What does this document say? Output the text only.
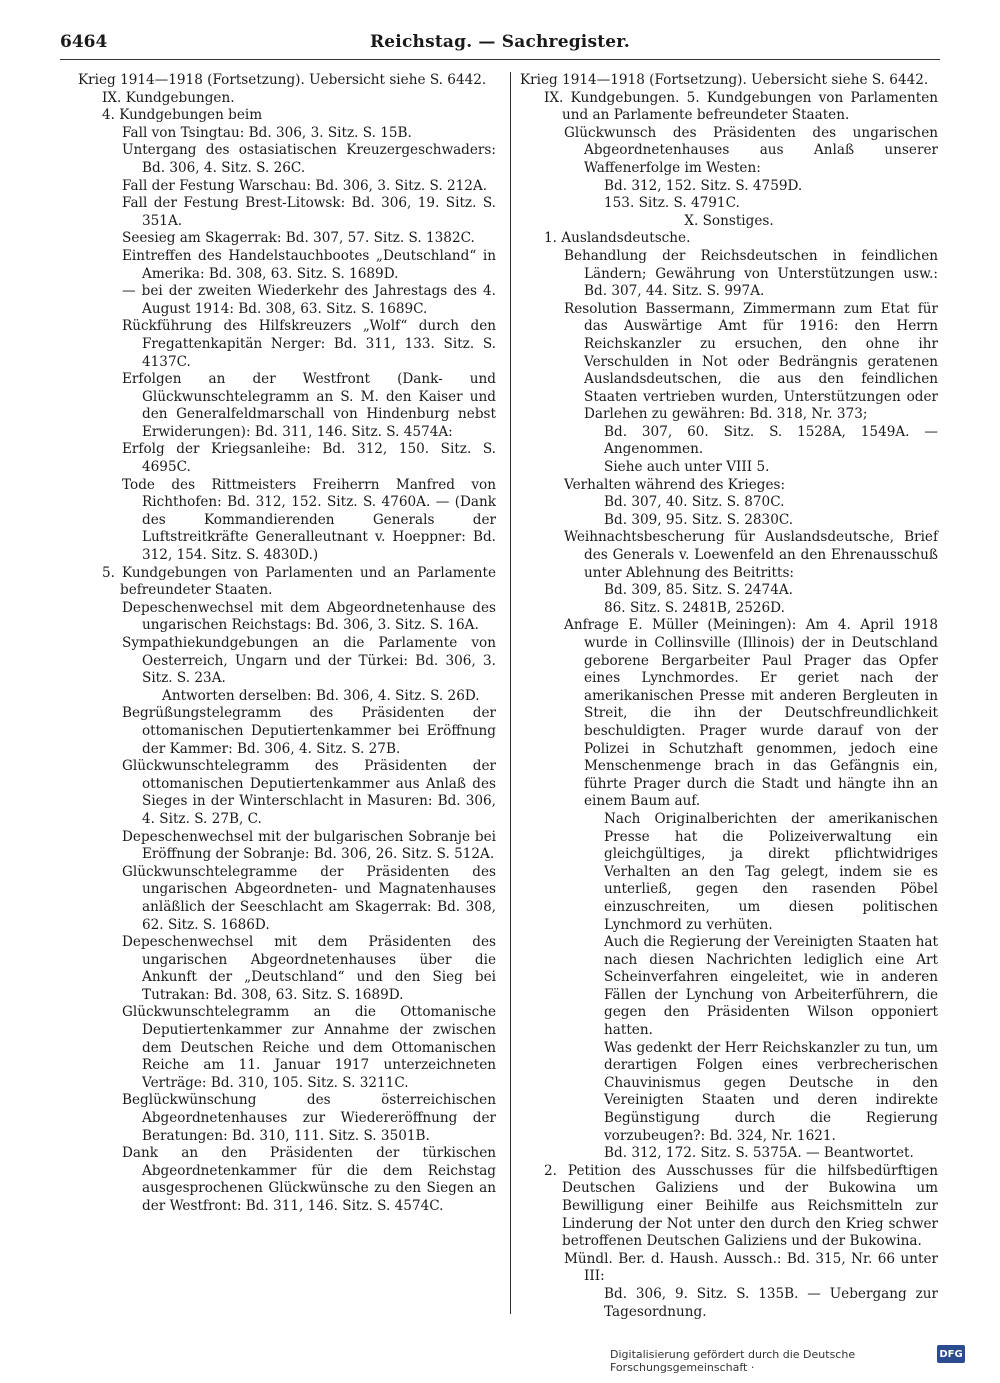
6464	Reichstag. — Sachregister.

Krieg 1914—1918 (Fortsetzung). Uebersicht siehe S. 6442.

IX. Kundgebungen.

4. Kundgebungen beim

Fall von Tsingtau: Bd. 306, 3. Sitz. S. 15B.

Untergang des ostasiatischen Kreuzergeschwaders: Bd. 306, 4. Sitz. S. 26C.

Fall der Festung Warschau: Bd. 306, 3. Sitz. S. 212A.

Fall der Festung Brest-Litowsk: Bd. 306, 19. Sitz. S. 351A.

Seesieg am Skagerrak: Bd. 307, 57. Sitz. S. 1382C.

Eintreffen des Handelstauchbootes „Deutschland“ in Amerika: Bd. 308, 63. Sitz. S. 1689D.

— bei der zweiten Wiederkehr des Jahrestags des 4. August 1914: Bd. 308, 63. Sitz. S. 1689C.

Rückführung des Hilfskreuzers „Wolf“ durch den Fregattenkapitän Nerger: Bd. 311, 133. Sitz. S. 4137C.

Erfolgen an der Westfront (Dank- und Glückwunschtelegramm an S. M. den Kaiser und den Generalfeldmarschall von Hindenburg nebst Erwiderungen): Bd. 311, 146. Sitz. S. 4574A:

Erfolg der Kriegsanleihe: Bd. 312, 150. Sitz. S. 4695C.

Tode des Rittmeisters Freiherrn Manfred von Richthofen: Bd. 312, 152. Sitz. S. 4760A. — (Dank des Kommandierenden Generals der Luftstreitkräfte Generalleutnant v. Hoeppner: Bd. 312, 154. Sitz. S. 4830D.)

5. Kundgebungen von Parlamenten und an Parlamente befreundeter Staaten.

Depeschenwechsel mit dem Abgeordnetenhause des ungarischen Reichstags: Bd. 306, 3. Sitz. S. 16A.

Sympathiekundgebungen an die Parlamente von Oesterreich, Ungarn und der Türkei: Bd. 306, 3. Sitz. S. 23A.

Antworten derselben: Bd. 306, 4. Sitz. S. 26D.

Begrüßungstelegramm des Präsidenten der ottomanischen Deputiertenkammer bei Eröffnung der Kammer: Bd. 306, 4. Sitz. S. 27B.

Glückwunschtelegramm des Präsidenten der ottomanischen Deputiertenkammer aus Anlaß des Sieges in der Winterschlacht in Masuren: Bd. 306, 4. Sitz. S. 27B, C.

Depeschenwechsel mit der bulgarischen Sobranje bei Eröffnung der Sobranje: Bd. 306, 26. Sitz. S. 512A.

Glückwunschtelegramme der Präsidenten des ungarischen Abgeordneten- und Magnatenhauses anläßlich der Seeschlacht am Skagerrak: Bd. 308, 62. Sitz. S. 1686D.

Depeschenwechsel mit dem Präsidenten des ungarischen Abgeordnetenhauses über die Ankunft der „Deutschland“ und den Sieg bei Tutrakan: Bd. 308, 63. Sitz. S. 1689D.

Glückwunschtelegramm an die Ottomanische Deputiertenkammer zur Annahme der zwischen dem Deutschen Reiche und dem Ottomanischen Reiche am 11. Januar 1917 unterzeichneten Verträge: Bd. 310, 105. Sitz. S. 3211C.

Beglückwünschung des österreichischen Abgeordnetenhauses zur Wiedereröffnung der Beratungen: Bd. 310, 111. Sitz. S. 3501B.

Dank an den Präsidenten der türkischen Abgeordnetenkammer für die dem Reichstag ausgesprochenen Glückwünsche zu den Siegen an der Westfront: Bd. 311, 146. Sitz. S. 4574C.

Krieg 1914—1918 (Fortsetzung). Uebersicht siehe S. 6442.

IX. Kundgebungen. 5. Kundgebungen von Parlamenten und an Parlamente befreundeter Staaten.

Glückwunsch des Präsidenten des ungarischen Abgeordnetenhauses aus Anlaß unserer Waffenerfolge im Westen:

Bd. 312, 152. Sitz. S. 4759D.

153. Sitz. S. 4791C.

X. Sonstiges.

1. Auslandsdeutsche.

Behandlung der Reichsdeutschen in feindlichen Ländern; Gewährung von Unterstützungen usw.: Bd. 307, 44. Sitz. S. 997A.

Resolution Bassermann, Zimmermann zum Etat für das Auswärtige Amt für 1916: den Herrn Reichskanzler zu ersuchen, den ohne ihr Verschulden in Not oder Bedrängnis geratenen Auslandsdeutschen, die aus den feindlichen Staaten vertrieben wurden, Unterstützungen oder Darlehen zu gewähren: Bd. 318, Nr. 373;

Bd. 307, 60. Sitz. S. 1528A, 1549A. — Angenommen.

Siehe auch unter VIII 5.

Verhalten während des Krieges:

Bd. 307, 40. Sitz. S. 870C.

Bd. 309, 95. Sitz. S. 2830C.

Weihnachtsbescherung für Auslandsdeutsche, Brief des Generals v. Loewenfeld an den Ehrenausschuß unter Ablehnung des Beitritts:

Bd. 309, 85. Sitz. S. 2474A.

86. Sitz. S. 2481B, 2526D.

Anfrage E. Müller (Meiningen): Am 4. April 1918 wurde in Collinsville (Illinois) der in Deutschland geborene Bergarbeiter Paul Prager das Opfer eines Lynchmordes. Er geriet nach der amerikanischen Presse mit anderen Bergleuten in Streit, die ihn der Deutschfreundlichkeit beschuldigten. Prager wurde darauf von der Polizei in Schutzhaft genommen, jedoch eine Menschenmenge brach in das Gefängnis ein, führte Prager durch die Stadt und hängte ihn an einem Baum auf.

Nach Originalberichten der amerikanischen Presse hat die Polizeiverwaltung ein gleichgültiges, ja direkt pflichtwidriges Verhalten an den Tag gelegt, indem sie es unterließ, gegen den rasenden Pöbel einzuschreiten, um diesen politischen Lynchmord zu verhüten.

Auch die Regierung der Vereinigten Staaten hat nach diesen Nachrichten lediglich eine Art Scheinverfahren eingeleitet, wie in anderen Fällen der Lynchung von Arbeiterführern, die gegen den Präsidenten Wilson opponiert hatten.

Was gedenkt der Herr Reichskanzler zu tun, um derartigen Folgen eines verbrecherischen Chauvinismus gegen Deutsche in den Vereinigten Staaten und deren indirekte Begünstigung durch die Regierung vorzubeugen?: Bd. 324, Nr. 1621.

Bd. 312, 172. Sitz. S. 5375A. — Beantwortet.

2. Petition des Ausschusses für die hilfsbedürftigen Deutschen Galiziens und der Bukowina um Bewilligung einer Beihilfe aus Reichsmitteln zur Linderung der Not unter den durch den Krieg schwer betroffenen Deutschen Galiziens und der Bukowina.

Mündl. Ber. d. Haush. Aussch.: Bd. 315, Nr. 66 unter III:

Bd. 306, 9. Sitz. S. 135B. — Uebergang zur Tagesordnung.

Digitalisierung gefördert durch die Deutsche Forschungsgemeinschaft ·
DFG
